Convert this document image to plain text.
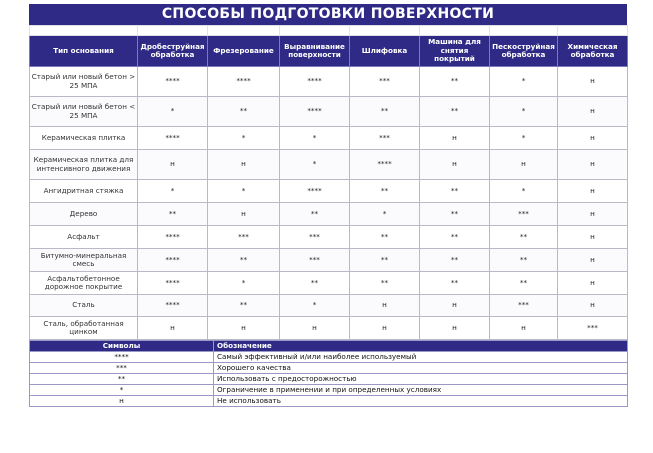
СПОСОБЫ ПОДГОТОВКИ ПОВЕРХНОСТИ

Тип основания	Дробеструйная обработка	Фрезерование	Выравнивание поверхности	Шлифовка	Машина для снятия покрытий	Пескоструйная обработка	Химическая обработка
Старый или новый бетон > 25 МПА	****	****	****	***	**	*	н
Старый или новый бетон < 25 МПА	*	**	****	**	**	*	н
Керамическая плитка	****	*	*	***	н	*	н
Керамическая плитка для интенсивного движения	н	н	*	****	н	н	н
Ангидритная стяжка	*	*	****	**	**	*	н
Дерево	**	н	**	*	**	***	н
Асфальт	****	***	***	**	**	**	н
Битумно-минеральная смесь	****	**	***	**	**	**	н
Асфальтобетонное дорожное покрытие	****	*	**	**	**	**	н
Сталь	****	**	*	н	н	***	н
Сталь, обработанная цинком	н	н	н	н	н	н	***
Символы	Обозначение
****	Самый эффективный и/или наиболее используемый
***	Хорошего качества
**	Использовать с предосторожностью
*	Ограничение в применении и при определенных условиях
н	Не использовать
